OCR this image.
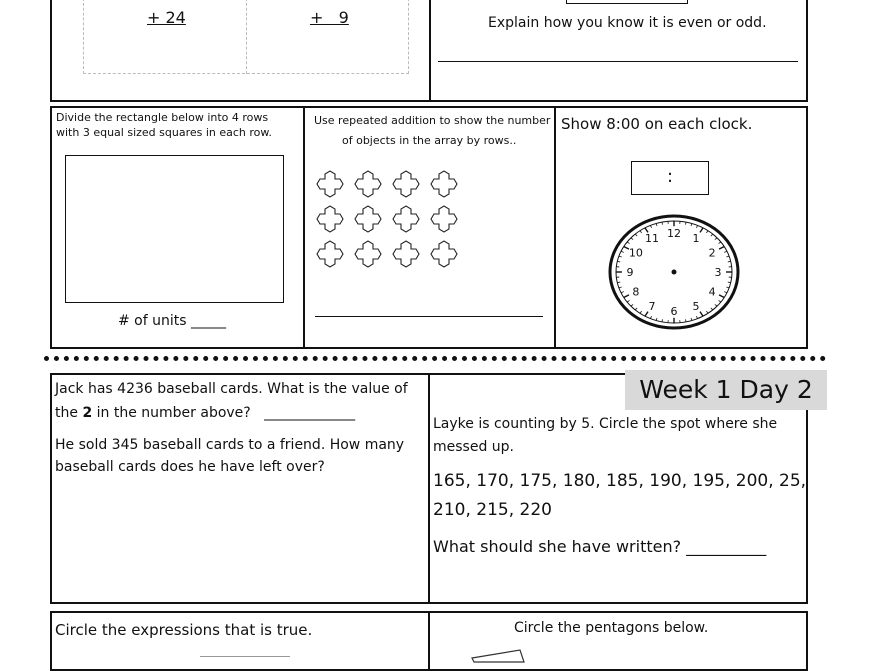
+ 24	+   9	Explain how you know it is even or odd.
Divide the rectangle below into 4 rows
with 3 equal sized squares in each row.
# of units _____
Use repeated addition to show the number
of objects in the array by rows..
Show 8:00 on each clock.
:
12 1
2
3
4
5
6
7
8
9
10
11
Jack has 4236 baseball cards. What is the value of
the 2 in the number above?   _____________
He sold 345 baseball cards to a friend. How many
baseball cards does he have left over?
Week 1 Day 2
Layke is counting by 5. Circle the spot where she
messed up.
165, 170, 175, 180, 185, 190, 195, 200, 25,
210, 215, 220
What should she have written? __________
Circle the expressions that is true.	Circle the pentagons below.
